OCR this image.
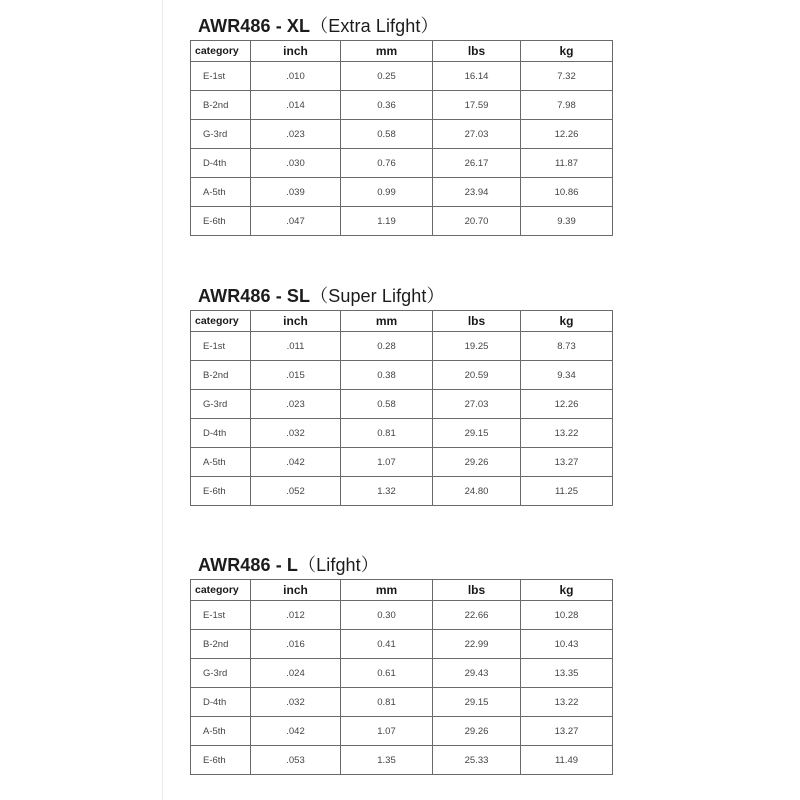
AWR486 - XL（Extra Lifght）
category	inch	mm	lbs	kg
E-1st	.010	0.25	16.14	7.32
B-2nd	.014	0.36	17.59	7.98
G-3rd	.023	0.58	27.03	12.26
D-4th	.030	0.76	26.17	11.87
A-5th	.039	0.99	23.94	10.86
E-6th	.047	1.19	20.70	9.39
AWR486 - SL（Super Lifght）
category	inch	mm	lbs	kg
E-1st	.011	0.28	19.25	8.73
B-2nd	.015	0.38	20.59	9.34
G-3rd	.023	0.58	27.03	12.26
D-4th	.032	0.81	29.15	13.22
A-5th	.042	1.07	29.26	13.27
E-6th	.052	1.32	24.80	11.25
AWR486 - L（Lifght）
category	inch	mm	lbs	kg
E-1st	.012	0.30	22.66	10.28
B-2nd	.016	0.41	22.99	10.43
G-3rd	.024	0.61	29.43	13.35
D-4th	.032	0.81	29.15	13.22
A-5th	.042	1.07	29.26	13.27
E-6th	.053	1.35	25.33	11.49
